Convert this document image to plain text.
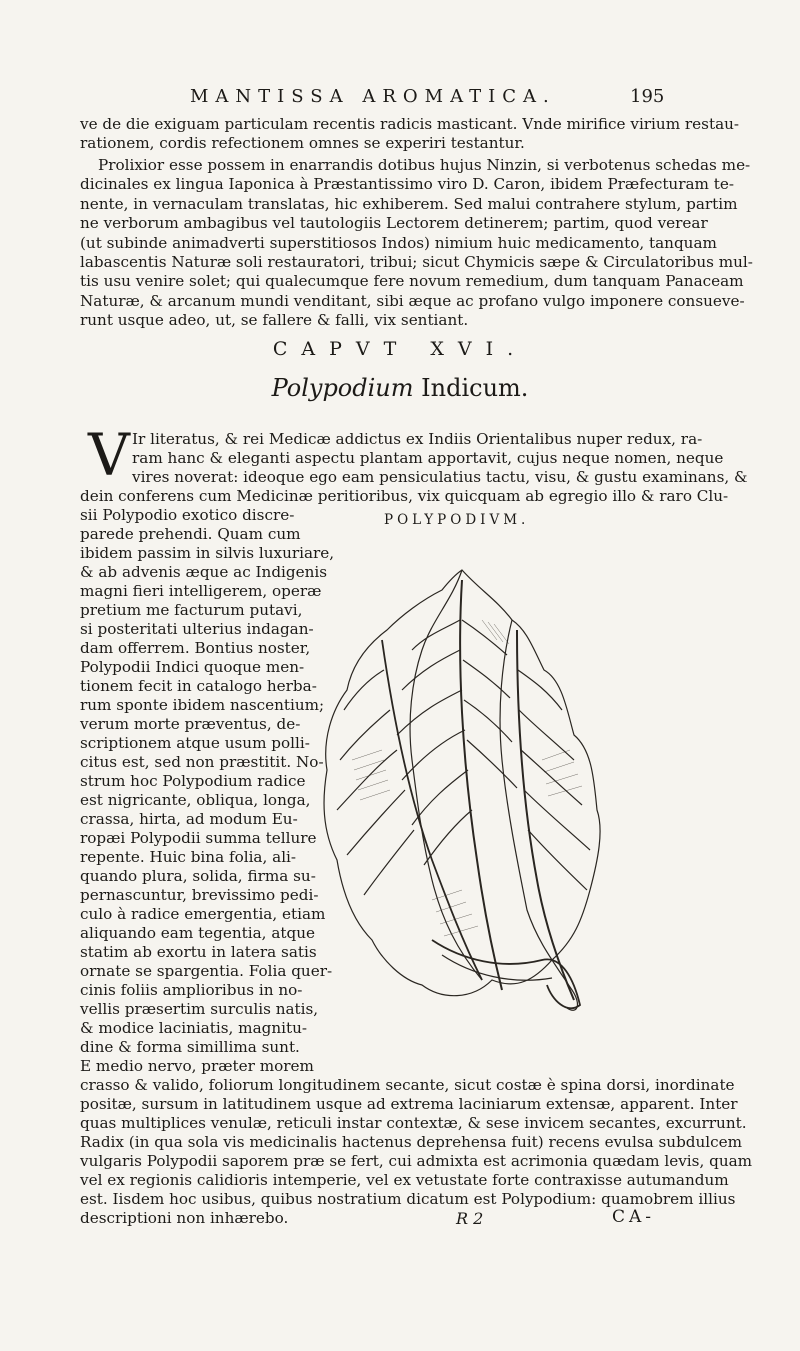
MANTISSA AROMATICA.	195
ve de die exiguam particulam recentis radicis masticant. Vnde mirifice virium restau-
rationem, cordis refectionem omnes se experiri testantur.
Prolixior esse possem in enarrandis dotibus hujus Ninzin, si verbotenus schedas me-
dicinales ex lingua Iaponica à Præstantissimo viro D. Caron, ibidem Præfecturam te-
nente, in vernaculam translatas, hic exhiberem. Sed malui contrahere stylum, partim
ne verborum ambagibus vel tautologiis Lectorem detinerem; partim, quod verear
(ut subinde animadverti superstitiosos Indos) nimium huic medicamento, tanquam
labascentis Naturæ soli restauratori, tribui; sicut Chymicis sæpe & Circulatoribus mul-
tis usu venire solet; qui qualecumque fere novum remedium, dum tanquam Panaceam
Naturæ, & arcanum mundi venditant, sibi æque ac profano vulgo imponere consueve-
runt usque adeo, ut, se fallere & falli, vix sentiant.
CAPVT XVI.
Polypodium Indicum.
V Ir literatus, & rei Medicæ addictus ex Indiis Orientalibus nuper redux, ra-
ram hanc & eleganti aspectu plantam apportavit, cujus neque nomen, neque
vires noverat: ideoque ego eam pensiculatius tactu, visu, & gustu examinans, &
dein conferens cum Medicinæ peritioribus, vix quicquam ab egregio illo & raro Clu-
sii Polypodio exotico discre-	POLYPODIVM.
parede prehendi. Quam cum
ibidem passim in silvis luxuriare,
& ab advenis æque ac Indigenis
magni fieri intelligerem, operæ
pretium me facturum putavi,
si posteritati ulterius indagan-
dam offerrem. Bontius noster,
Polypodii Indici quoque men-
tionem fecit in catalogo herba-
rum sponte ibidem nascentium;
verum morte præventus, de-
scriptionem atque usum polli-
citus est, sed non præstitit. No-
strum hoc Polypodium radice
est nigricante, obliqua, longa,
crassa, hirta, ad modum Eu-
ropæi Polypodii summa tellure
repente. Huic bina folia, ali-
quando plura, solida, firma su-
pernascuntur, brevissimo pedi-
culo à radice emergentia, etiam
aliquando eam tegentia, atque
statim ab exortu in latera satis
ornate se spargentia. Folia quer-
cinis foliis amplioribus in no-
vellis præsertim surculis natis,
& modice laciniatis, magnitu-
dine & forma simillima sunt.
E medio nervo, præter morem
crasso & valido, foliorum longitudinem secante, sicut costæ è spina dorsi, inordinate
positæ, sursum in latitudinem usque ad extrema laciniarum extensæ, apparent. Inter
quas multiplices venulæ, reticuli instar contextæ, & sese invicem secantes, excurrunt.
Radix (in qua sola vis medicinalis hactenus deprehensa fuit) recens evulsa subdulcem
vulgaris Polypodii saporem præ se fert, cui admixta est acrimonia quædam levis, quam
vel ex regionis calidioris intemperie, vel ex vetustate forte contraxisse autumandum
est. Iisdem hoc usibus, quibus nostratium dicatum est Polypodium: quamobrem illius
descriptioni non inhærebo.	R 2	CA-
